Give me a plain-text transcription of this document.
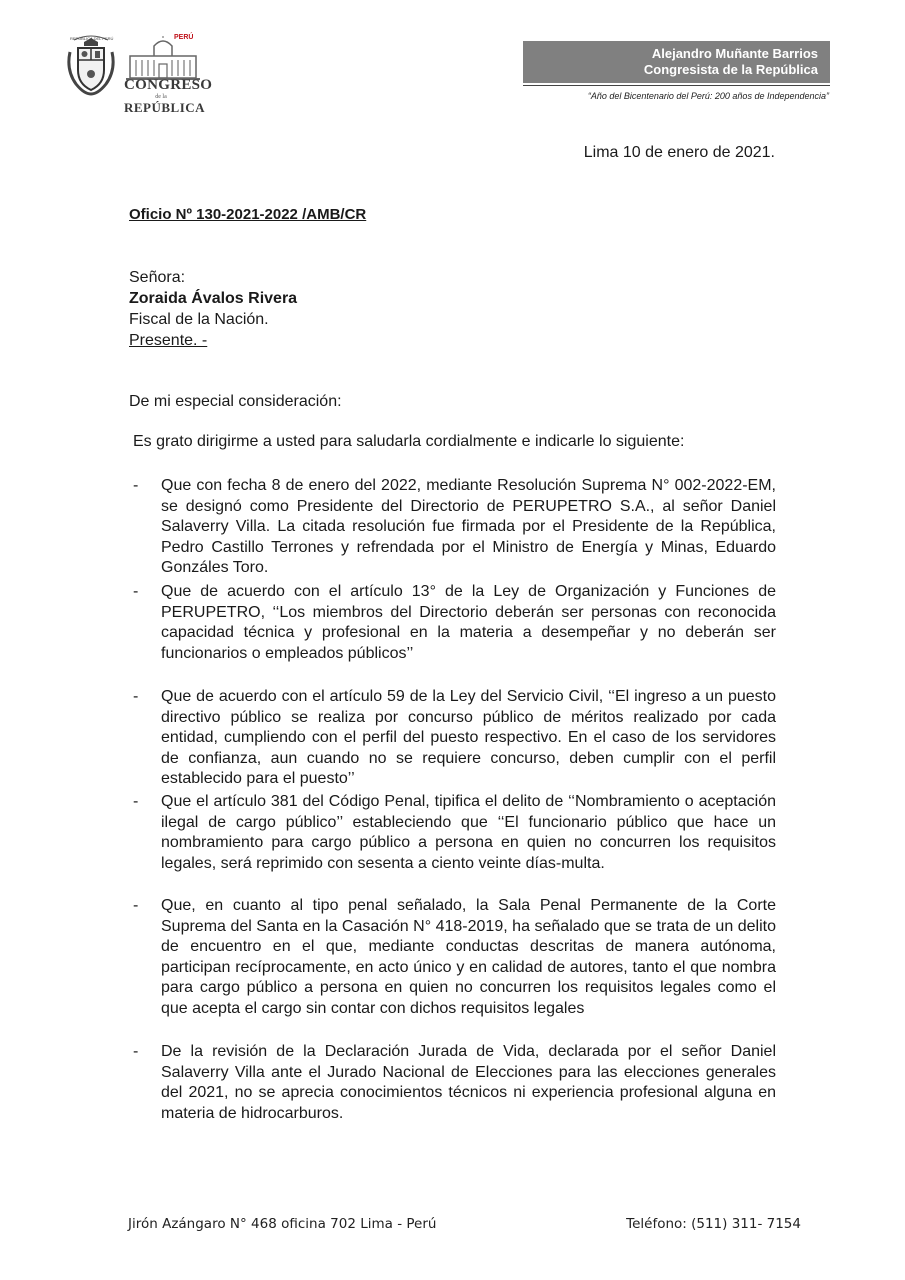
REPÚBLICA DEL PERÚ	PERÚ
CONGRESO
de la
REPÚBLICA
Alejandro Muñante Barrios
Congresista de la República
“Año del Bicentenario del Perú: 200 años de Independencia”
Lima 10 de enero de 2021.
Oficio Nº 130-2021-2022 /AMB/CR
Señora:
Zoraida Ávalos Rivera
Fiscal de la Nación.
Presente. -
De mi especial consideración:
Es grato dirigirme a usted para saludarla cordialmente e indicarle lo siguiente:
- Que con fecha 8 de enero del 2022, mediante Resolución Suprema N° 002-2022-EM, se designó como Presidente del Directorio de PERUPETRO S.A., al señor Daniel Salaverry Villa. La citada resolución fue firmada por el Presidente de la República, Pedro Castillo Terrones y refrendada por el Ministro de Energía y Minas, Eduardo Gonzáles Toro.
- Que de acuerdo con el artículo 13° de la Ley de Organización y Funciones de PERUPETRO, ‘‘Los miembros del Directorio deberán ser personas con reconocida capacidad técnica y profesional en la materia a desempeñar y no deberán ser funcionarios o empleados públicos’’
- Que de acuerdo con el artículo 59 de la Ley del Servicio Civil, ‘‘El ingreso a un puesto directivo público se realiza por concurso público de méritos realizado por cada entidad, cumpliendo con el perfil del puesto respectivo. En el caso de los servidores de confianza, aun cuando no se requiere concurso, deben cumplir con el perfil establecido para el puesto’’
- Que el artículo 381 del Código Penal, tipifica el delito de ‘‘Nombramiento o aceptación ilegal de cargo público’’ estableciendo que ‘‘El funcionario público que hace un nombramiento para cargo público a persona en quien no concurren los requisitos legales, será reprimido con sesenta a ciento veinte días-multa.
- Que, en cuanto al tipo penal señalado, la Sala Penal Permanente de la Corte Suprema del Santa en la Casación N° 418-2019, ha señalado que se trata de un delito de encuentro en el que, mediante conductas descritas de manera autónoma, participan recíprocamente, en acto único y en calidad de autores, tanto el que nombra para cargo público a persona en quien no concurren los requisitos legales como el que acepta el cargo sin contar con dichos requisitos legales
- De la revisión de la Declaración Jurada de Vida, declarada por el señor Daniel Salaverry Villa ante el Jurado Nacional de Elecciones para las elecciones generales del 2021, no se aprecia conocimientos técnicos ni experiencia profesional alguna en materia de hidrocarburos.
Jirón Azángaro N° 468 oficina 702 Lima - Perú	Teléfono: (511) 311- 7154
